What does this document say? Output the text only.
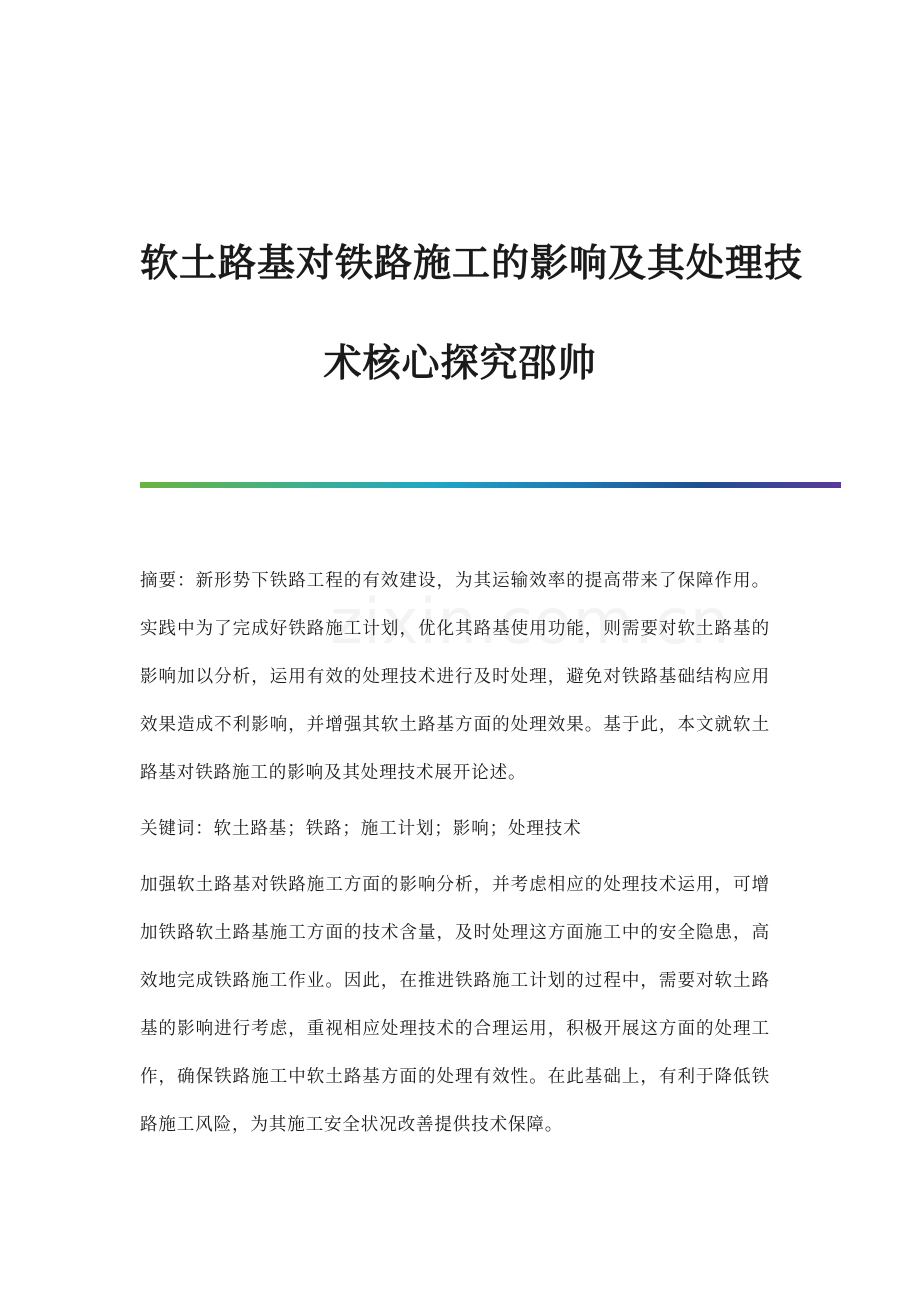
软土路基对铁路施工的影响及其处理技
术核心探究邵帅

摘要：新形势下铁路工程的有效建设，为其运输效率的提高带来了保障作用。实践中为了完成好铁路施工计划，优化其路基使用功能，则需要对软土路基的影响加以分析，运用有效的处理技术进行及时处理，避免对铁路基础结构应用效果造成不利影响，并增强其软土路基方面的处理效果。基于此，本文就软土路基对铁路施工的影响及其处理技术展开论述。

关键词：软土路基；铁路；施工计划；影响；处理技术

加强软土路基对铁路施工方面的影响分析，并考虑相应的处理技术运用，可增加铁路软土路基施工方面的技术含量，及时处理这方面施工中的安全隐患，高效地完成铁路施工作业。因此，在推进铁路施工计划的过程中，需要对软土路基的影响进行考虑，重视相应处理技术的合理运用，积极开展这方面的处理工作，确保铁路施工中软土路基方面的处理有效性。在此基础上，有利于降低铁路施工风险，为其施工安全状况改善提供技术保障。
